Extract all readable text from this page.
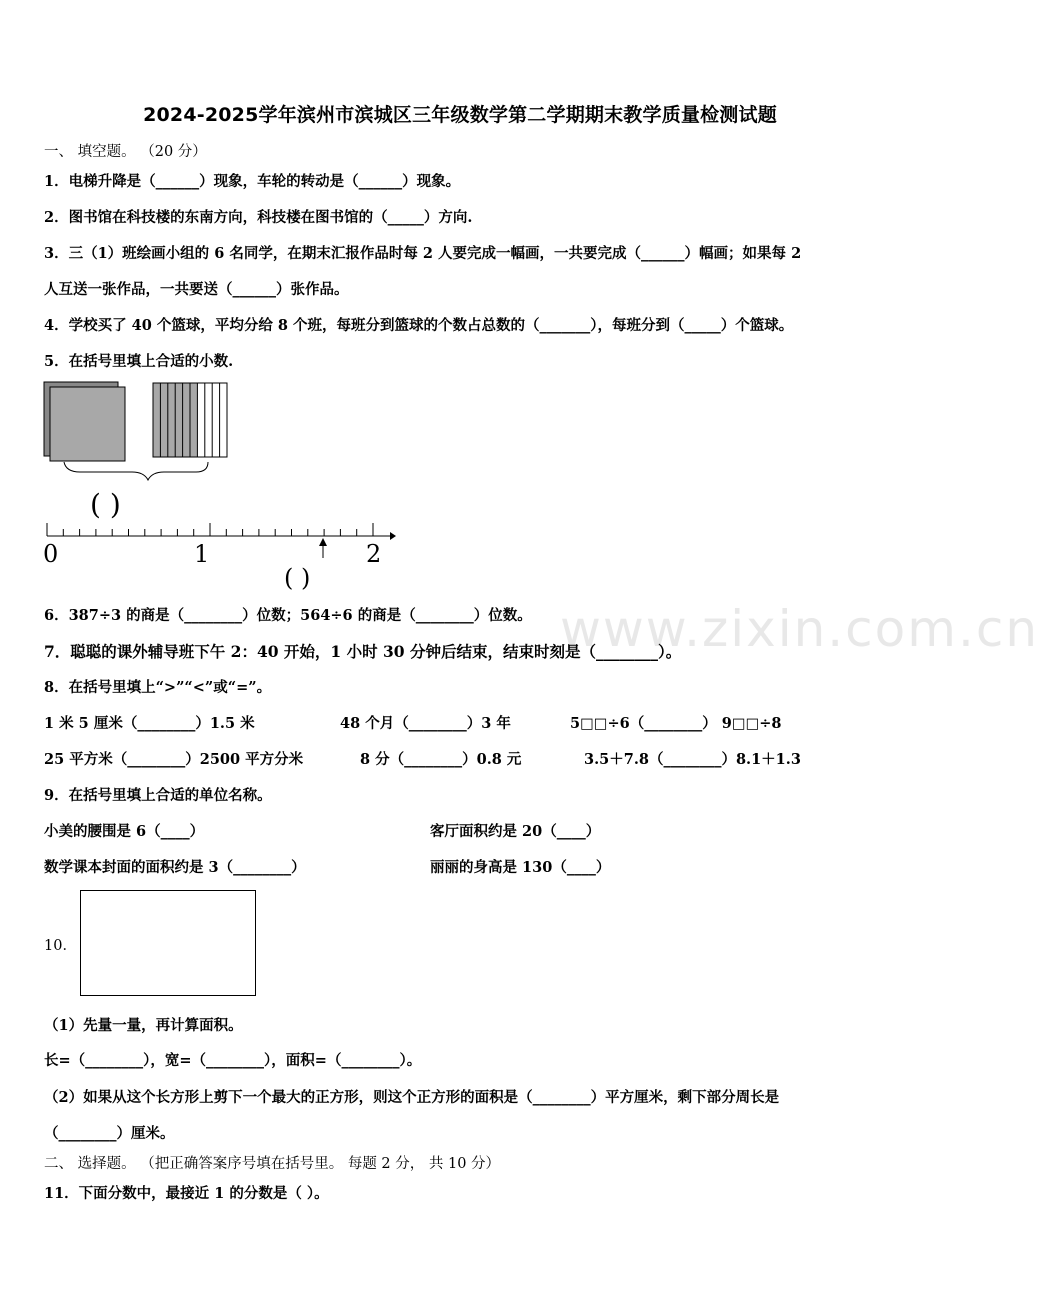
www.zixin.com.cn
2024-2025学年滨州市滨城区三年级数学第二学期期末教学质量检测试题
一、 填空题。 （20 分）
1．电梯升降是（______）现象，车轮的转动是（______）现象。
2．图书馆在科技楼的东南方向，科技楼在图书馆的（_____）方向.
3．三（1）班绘画小组的 6 名同学，在期末汇报作品时每 2 人要完成一幅画，一共要完成（______）幅画；如果每 2
人互送一张作品，一共要送（______）张作品。
4．学校买了 40 个篮球，平均分给 8 个班，每班分到篮球的个数占总数的（_______），每班分到（_____）个篮球。
5．在括号里填上合适的小数.
( )
0	1	2
( )
6．387÷3 的商是（________）位数；564÷6 的商是（________）位数。
7．聪聪的课外辅导班下午 2：40 开始，1 小时 30 分钟后结束，结束时刻是（________）。
8．在括号里填上“>”“<”或“=”。
1 米 5 厘米（________）1.5 米	48 个月（________）3 年	5□□÷6（________） 9□□÷8
25 平方米（________）2500 平方分米	8 分（________）0.8 元	3.5＋7.8（________）8.1＋1.3
9．在括号里填上合适的单位名称。
小美的腰围是 6（____）	客厅面积约是 20（____）
数学课本封面的面积约是 3（________）	丽丽的身高是 130（____）
10．
（1）先量一量，再计算面积。
长=（________），宽=（________），面积=（________）。
（2）如果从这个长方形上剪下一个最大的正方形，则这个正方形的面积是（________）平方厘米，剩下部分周长是
（________）厘米。
二、 选择题。 （把正确答案序号填在括号里。 每题 2 分， 共 10 分）
11．下面分数中，最接近 1 的分数是（ ）。
